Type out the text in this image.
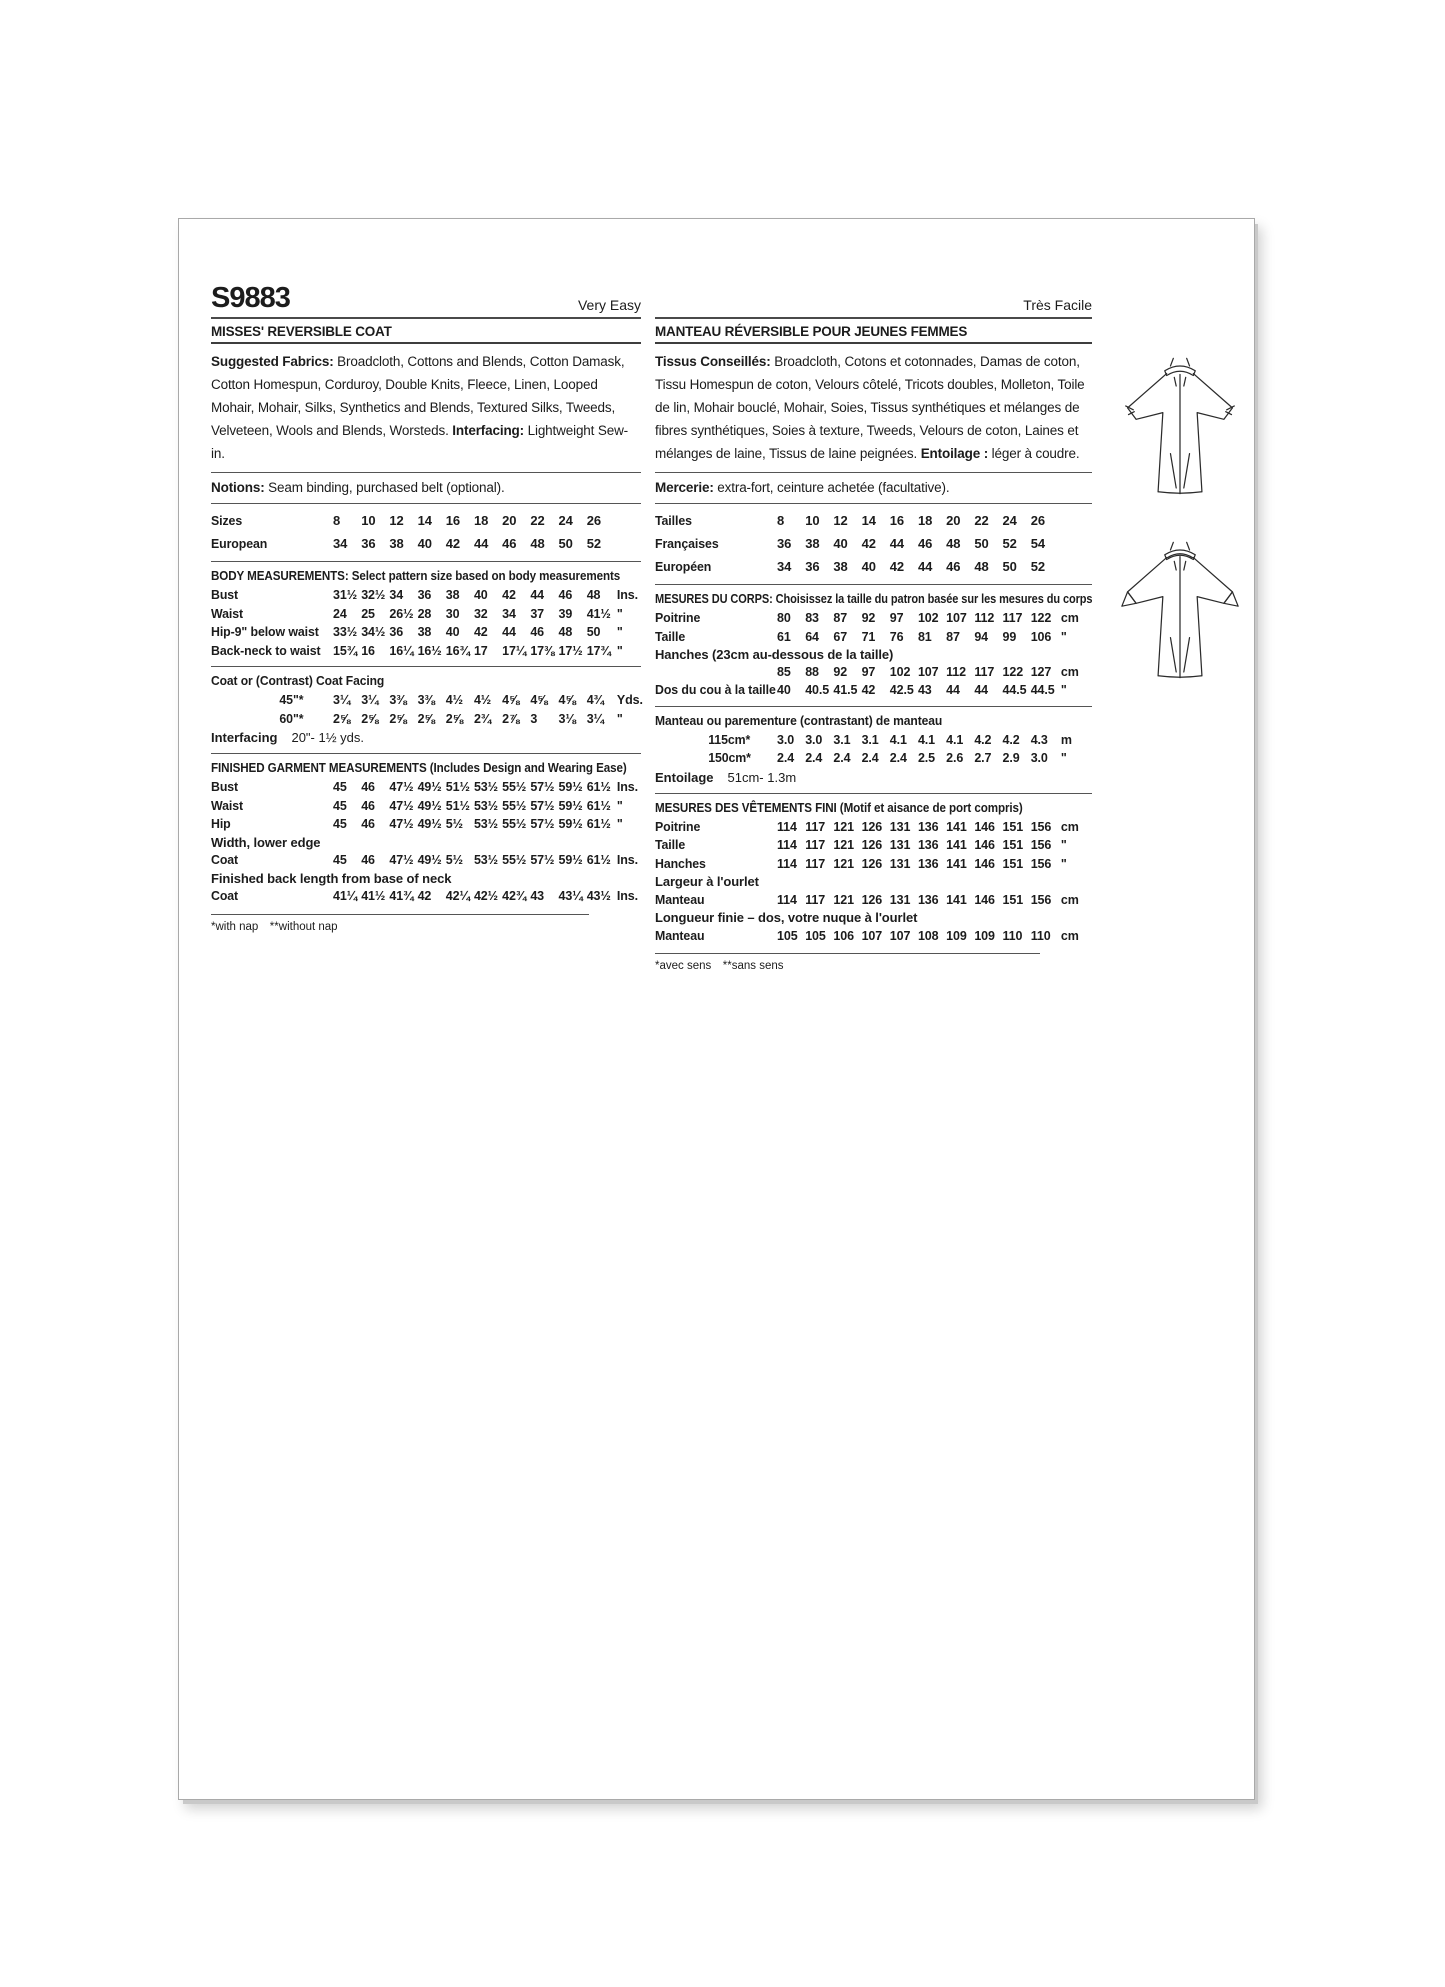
S9883	Very Easy
MISSES' REVERSIBLE COAT

Suggested Fabrics: Broadcloth, Cottons and Blends, Cotton Damask, Cotton Homespun, Corduroy, Double Knits, Fleece, Linen, Looped Mohair, Mohair, Silks, Synthetics and Blends, Textured Silks, Tweeds, Velveteen, Wools and Blends, Worsteds. Interfacing: Lightweight Sew-in.

Notions: Seam binding, purchased belt (optional).

Sizes	8	10	12	14	16	18	20	22	24	26
European	34	36	38	40	42	44	46	48	50	52
BODY MEASUREMENTS: Select pattern size based on body measurements
Bust	31½ 32½ 34	36	38	40	42	44	46	48	Ins.
Waist	24	25	26½ 28	30	32	34	37	39	41½ "
Hip-9" below waist	33½ 34½ 36	38	40	42	44	46	48	50	"
Back-neck to waist	15¾ 16	16¼ 16½ 16¾ 17	17¼ 17⅜ 17½ 17¾ "
Coat or (Contrast) Coat Facing
45"*	3¼ 3¼ 3⅜ 3⅜ 4½ 4½ 4⅝ 4⅝ 4⅝ 4¾	Yds.
60"*	2⅝ 2⅝ 2⅝ 2⅝ 2⅝ 2¾ 2⅞ 3	3⅛ 3¼	"
Interfacing 20"- 1½ yds.
FINISHED GARMENT MEASUREMENTS (Includes Design and Wearing Ease)
Bust	45	46	47½ 49½ 51½ 53½ 55½ 57½ 59½ 61½ Ins.
Waist	45	46	47½ 49½ 51½ 53½ 55½ 57½ 59½ 61½ "
Hip	45	46	47½ 49½ 5½ 53½ 55½ 57½ 59½ 61½ "
Width, lower edge
Coat	45	46	47½ 49½ 5½ 53½ 55½ 57½ 59½ 61½ Ins.
Finished back length from base of neck
Coat	41¼ 41½ 41¾ 42	42¼ 42½ 42¾ 43	43¼ 43½ Ins.
*with nap  **without nap
Très Facile
MANTEAU RÉVERSIBLE POUR JEUNES FEMMES

Tissus Conseillés: Broadcloth, Cotons et cotonnades, Damas de coton, Tissu Homespun de coton, Velours côtelé, Tricots doubles, Molleton, Toile de lin, Mohair bouclé, Mohair, Soies, Tissus synthétiques et mélanges de fibres synthétiques, Soies à texture, Tweeds, Velours de coton, Laines et mélanges de laine, Tissus de laine peignées. Entoilage : léger à coudre.

Mercerie: extra-fort, ceinture achetée (facultative).

Tailles	8	10	12	14	16	18	20	22	24	26
Françaises	36	38	40	42	44	46	48	50	52	54
Européen	34	36	38	40	42	44	46	48	50	52
MESURES DU CORPS: Choisissez la taille du patron basée sur les mesures du corps
Poitrine	80	83	87	92	97	102 107 112 117 122 cm
Taille	61	64	67	71	76	81	87	94	99	106 "
Hanches (23cm au-dessous de la taille)
85	88	92	97	102 107 112 117 122 127 cm
Dos du cou à la taille 40	40.5 41.5 42	42.5 43	44	44	44.5 44.5 "
Manteau ou parementure (contrastant) de manteau
115cm*	3.0 3.0 3.1 3.1 4.1 4.1 4.1 4.2 4.2 4.3	m
150cm*	2.4 2.4 2.4 2.4 2.4 2.5 2.6 2.7 2.9 3.0	"
Entoilage 51cm- 1.3m
MESURES DES VÊTEMENTS FINI (Motif et aisance de port compris)
Poitrine	114 117 121 126 131 136 141 146 151 156 cm
Taille	114 117 121 126 131 136 141 146 151 156 "
Hanches	114 117 121 126 131 136 141 146 151 156 "
Largeur à l'ourlet
Manteau	114 117 121 126 131 136 141 146 151 156 cm
Longueur finie – dos, votre nuque à l'ourlet
Manteau	105 105 106 107 107 108 109 109 110 110 cm
*avec sens  **sans sens
